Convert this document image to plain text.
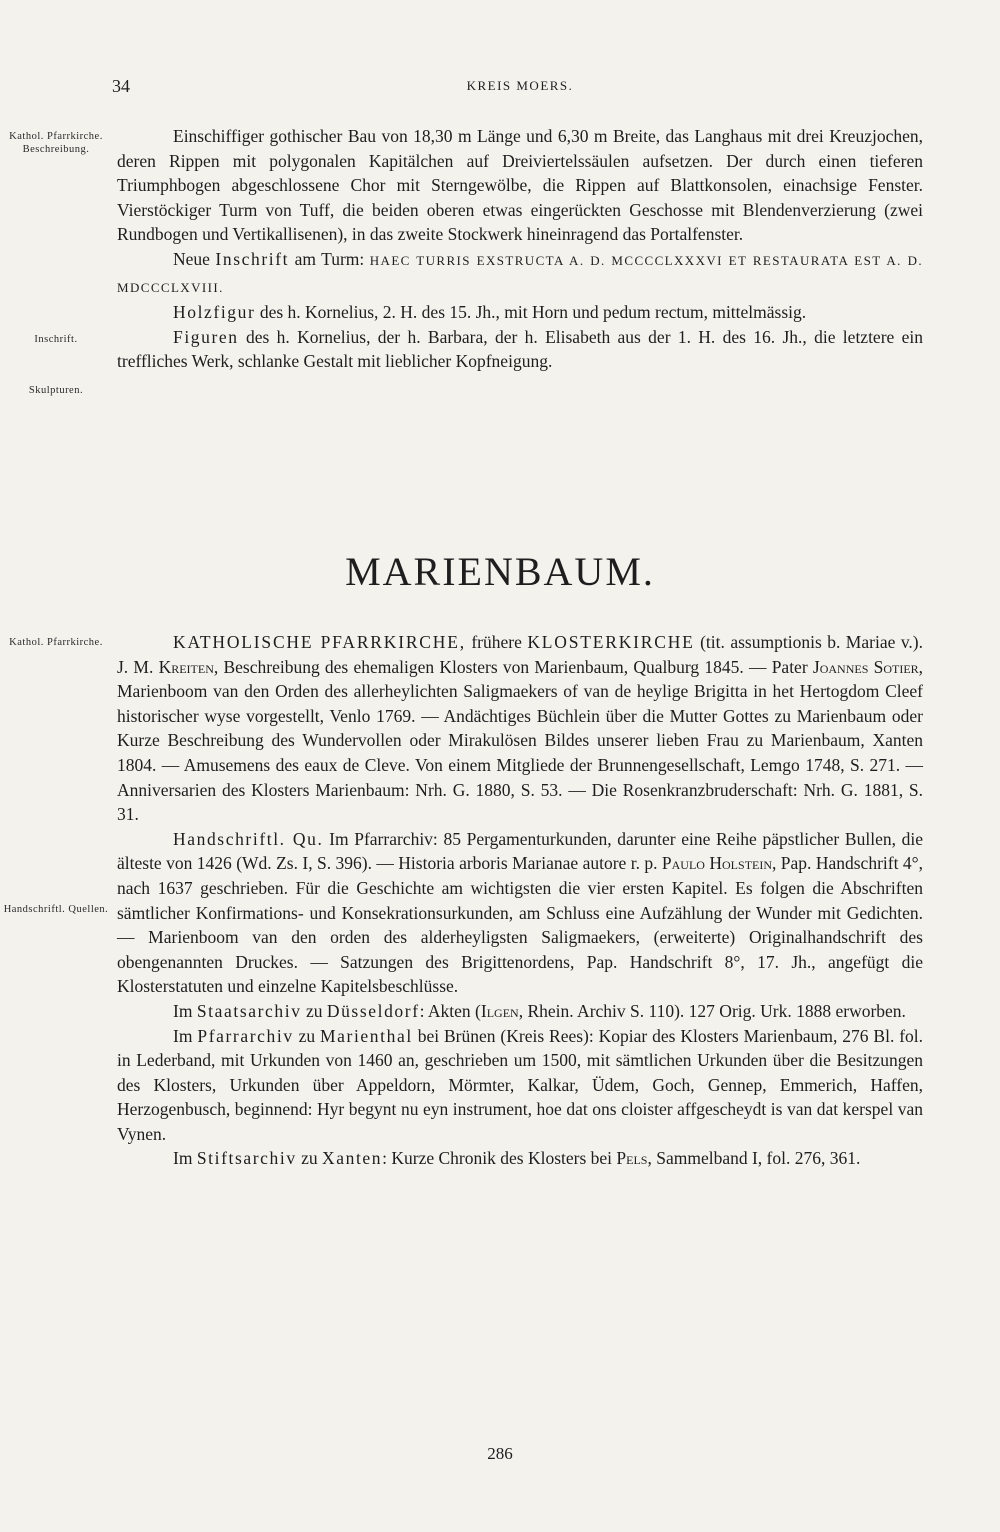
34	KREIS MOERS.
Kathol. Pfarrkirche. Beschreibung.
Inschrift.
Skulpturen.
Kathol. Pfarrkirche.
Handschriftl. Quellen.

Einschiffiger gothischer Bau von 18,30 m Länge und 6,30 m Breite, das Langhaus mit drei Kreuzjochen, deren Rippen mit polygonalen Kapitälchen auf Dreiviertelssäulen aufsetzen. Der durch einen tieferen Triumphbogen abgeschlossene Chor mit Sterngewölbe, die Rippen auf Blattkonsolen, einachsige Fenster. Vierstöckiger Turm von Tuff, die beiden oberen etwas eingerückten Geschosse mit Blendenverzierung (zwei Rundbogen und Vertikallisenen), in das zweite Stockwerk hineinragend das Portalfenster.

Neue Inschrift am Turm: HAEC TURRIS EXSTRUCTA A. D. MCCCCLXXXVI ET RESTAURATA EST A. D. MDCCCLXVIII.

Holzfigur des h. Kornelius, 2. H. des 15. Jh., mit Horn und pedum rectum, mittelmässig.

Figuren des h. Kornelius, der h. Barbara, der h. Elisabeth aus der 1. H. des 16. Jh., die letztere ein treffliches Werk, schlanke Gestalt mit lieblicher Kopfneigung.

MARIENBAUM.

KATHOLISCHE PFARRKIRCHE, frühere KLOSTERKIRCHE (tit. assumptionis b. Mariae v.). J. M. Kreiten, Beschreibung des ehemaligen Klosters von Marienbaum, Qualburg 1845. — Pater Joannes Sotier, Marienboom van den Orden des allerheylichten Saligmaekers of van de heylige Brigitta in het Hertogdom Cleef historischer wyse vorgestellt, Venlo 1769. — Andächtiges Büchlein über die Mutter Gottes zu Marienbaum oder Kurze Beschreibung des Wundervollen oder Mirakulösen Bildes unserer lieben Frau zu Marienbaum, Xanten 1804. — Amusemens des eaux de Cleve. Von einem Mitgliede der Brunnengesellschaft, Lemgo 1748, S. 271. — Anniversarien des Klosters Marienbaum: Nrh. G. 1880, S. 53. — Die Rosenkranzbruderschaft: Nrh. G. 1881, S. 31.

Handschriftl. Qu. Im Pfarrarchiv: 85 Pergamenturkunden, darunter eine Reihe päpstlicher Bullen, die älteste von 1426 (Wd. Zs. I, S. 396). — Historia arboris Marianae autore r. p. Paulo Holstein, Pap. Handschrift 4°, nach 1637 geschrieben. Für die Geschichte am wichtigsten die vier ersten Kapitel. Es folgen die Abschriften sämtlicher Konfirmations- und Konsekrationsurkunden, am Schluss eine Aufzählung der Wunder mit Gedichten. — Marienboom van den orden des alderheyligsten Saligmaekers, (erweiterte) Originalhandschrift des obengenannten Druckes. — Satzungen des Brigittenordens, Pap. Handschrift 8°, 17. Jh., angefügt die Klosterstatuten und einzelne Kapitelsbeschlüsse.

Im Staatsarchiv zu Düsseldorf: Akten (Ilgen, Rhein. Archiv S. 110). 127 Orig. Urk. 1888 erworben.

Im Pfarrarchiv zu Marienthal bei Brünen (Kreis Rees): Kopiar des Klosters Marienbaum, 276 Bl. fol. in Lederband, mit Urkunden von 1460 an, geschrieben um 1500, mit sämtlichen Urkunden über die Besitzungen des Klosters, Urkunden über Appeldorn, Mörmter, Kalkar, Üdem, Goch, Gennep, Emmerich, Haffen, Herzogenbusch, beginnend: Hyr begynt nu eyn instrument, hoe dat ons cloister affgescheydt is van dat kerspel van Vynen.

Im Stiftsarchiv zu Xanten: Kurze Chronik des Klosters bei Pels, Sammelband I, fol. 276, 361.

286
